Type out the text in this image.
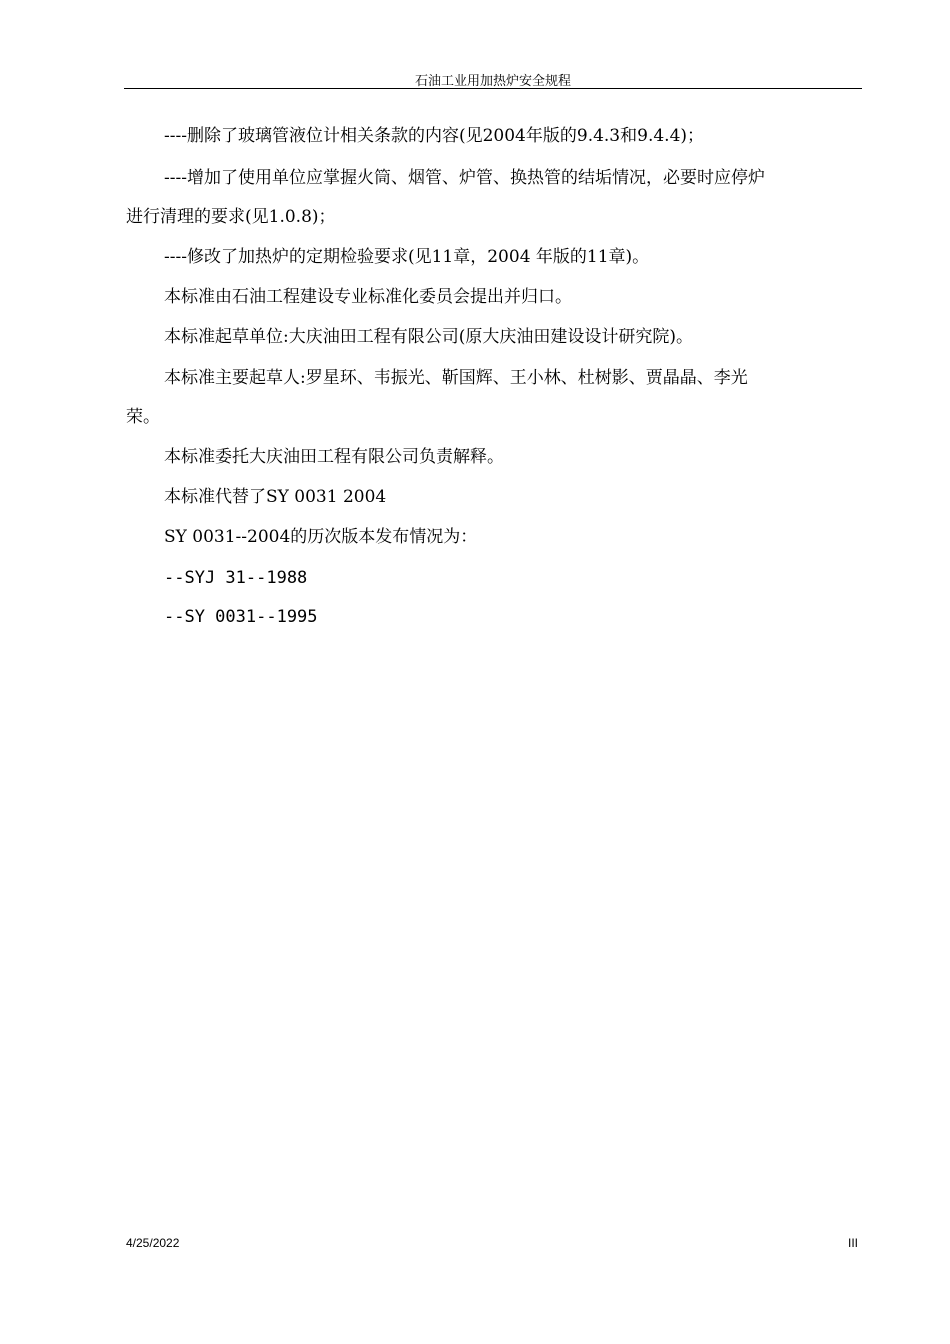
石油工业用加热炉安全规程
----删除了玻璃管液位计相关条款的内容(见2004年版的9.4.3和9.4.4)；
----增加了使用单位应掌握火筒、烟管、炉管、换热管的结垢情况，必要时应停炉
进行清理的要求(见1.0.8)；
----修改了加热炉的定期检验要求(见11章，2004 年版的11章)。
本标准由石油工程建设专业标准化委员会提出并归口。
本标准起草单位:大庆油田工程有限公司(原大庆油田建设设计研究院)。
本标准主要起草人:罗星环、韦振光、靳国辉、王小林、杜树影、贾晶晶、李光
荣。
本标准委托大庆油田工程有限公司负责解释。
本标准代替了SY 0031 2004
SY 0031--2004的历次版本发布情况为：
--SYJ 31--1988
--SY 0031--1995
4/25/2022	III
